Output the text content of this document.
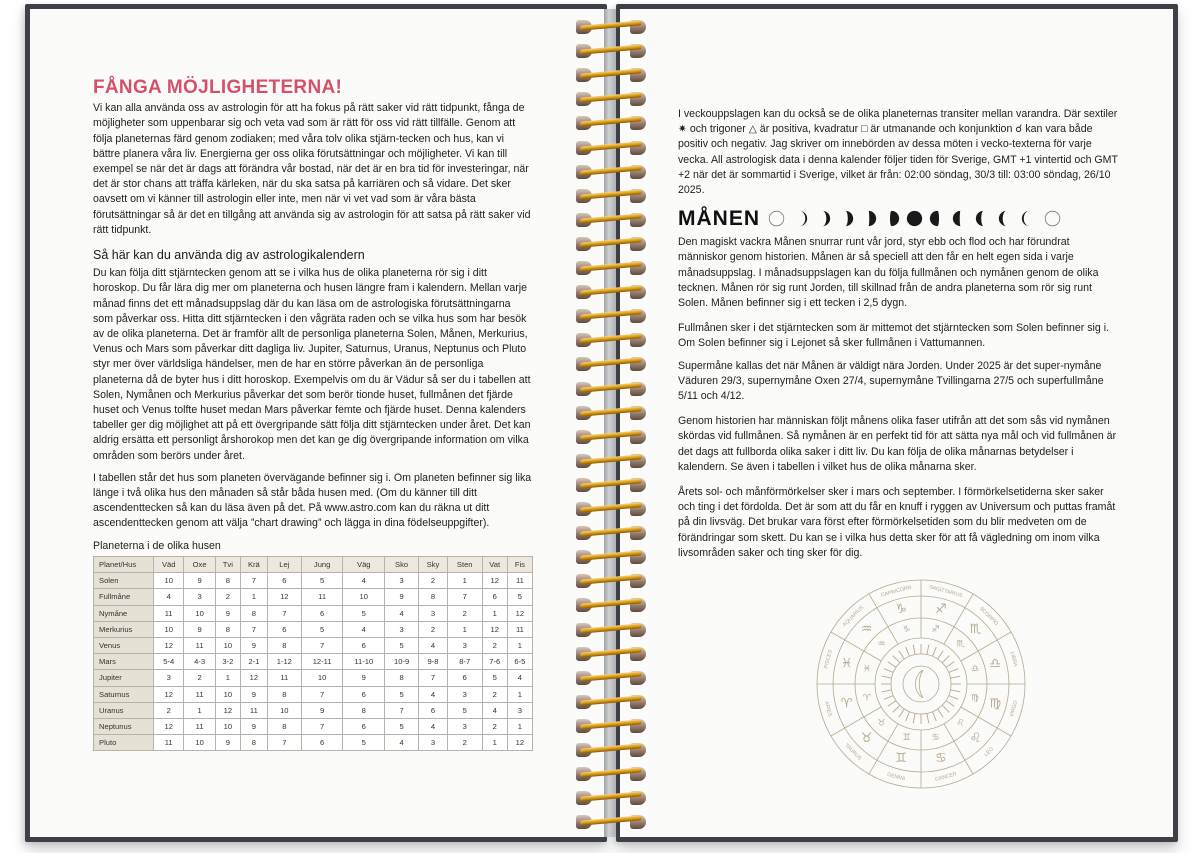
FÅNGA MÖJLIGHETERNA!

Vi kan alla använda oss av astrologin för att ha fokus på rätt saker vid rätt tidpunkt, fånga de möjligheter som uppenbarar sig och veta vad som är rätt för oss vid rätt tillfälle. Genom att följa planeternas färd genom zodiaken; med våra tolv olika stjärn-tecken och hus, kan vi bättre planera våra liv. Energierna ger oss olika förutsättningar och möjligheter. Vi kan till exempel se när det är dags att förändra vår bostad, när det är en bra tid för investeringar, när det är stor chans att träffa kärleken, när du ska satsa på karriären och så vidare. Det sker oavsett om vi känner till astrologin eller inte, men när vi vet vad som är våra bästa förutsättningar så är det en tillgång att använda sig av astrologin för att satsa på rätt saker vid rätt tidpunkt.

Så här kan du använda dig av astrologikalendern

Du kan följa ditt stjärntecken genom att se i vilka hus de olika planeterna rör sig i ditt horoskop. Du får lära dig mer om planeterna och husen längre fram i kalendern. Mellan varje månad finns det ett månadsuppslag där du kan läsa om de astrologiska förutsättningarna som påverkar oss. Hitta ditt stjärntecken i den vågräta raden och se vilka hus som har besök av de olika planeterna. Det är framför allt de personliga planeterna Solen, Månen, Merkurius, Venus och Mars som påverkar ditt dagliga liv. Jupiter, Saturnus, Uranus, Neptunus och Pluto styr mer över världsliga händelser, men de har en större påverkan än de personliga planeterna då de byter hus i ditt horoskop. Exempelvis om du är Vädur så ser du i tabellen att Solen, Nymånen och Merkurius påverkar det som berör tionde huset, fullmånen det fjärde huset och Venus tolfte huset medan Mars påverkar femte och fjärde huset. Denna kalenders tabeller ger dig möjlighet att på ett övergripande sätt följa ditt stjärntecken under året. Det kan aldrig ersätta ett personligt årshorokop men det kan ge dig övergripande information om vilka områden som berörs under året.

I tabellen står det hus som planeten övervägande befinner sig i. Om planeten befinner sig lika länge i två olika hus den månaden så står båda husen med. (Om du känner till ditt ascendenttecken så kan du läsa även på det. På www.astro.com kan du räkna ut ditt ascendenttecken genom att välja ”chart drawing” och lägga in dina födelseuppgifter).

Planeterna i de olika husen
Planet/Hus	Väd	Oxe	Tvi	Krä	Lej	Jung	Väg	Sko	Sky	Sten	Vat	Fis
Solen	10	9	8	7	6	5	4	3	2	1	12	11
Fullmåne	4	3	2	1	12	11	10	9	8	7	6	5
Nymåne	11	10	9	8	7	6	5	4	3	2	1	12
Merkurius	10	9	8	7	6	5	4	3	2	1	12	11
Venus	12	11	10	9	8	7	6	5	4	3	2	1
Mars	5-4	4-3	3-2	2-1	1-12	12-11	11-10	10-9	9-8	8-7	7-6	6-5
Jupiter	3	2	1	12	11	10	9	8	7	6	5	4
Saturnus	12	11	10	9	8	7	6	5	4	3	2	1
Uranus	2	1	12	11	10	9	8	7	6	5	4	3
Neptunus	12	11	10	9	8	7	6	5	4	3	2	1
Pluto	11	10	9	8	7	6	5	4	3	2	1	12

I veckouppslagen kan du också se de olika planeternas transiter mellan varandra. Där sextiler ✷ och trigoner △ är positiva, kvadratur □ är utmanande och konjunktion ☌ kan vara både positiv och negativ. Jag skriver om innebörden av dessa möten i vecko-texterna för varje vecka. All astrologisk data i denna kalender följer tiden för Sverige, GMT +1 vintertid och GMT +2 när det är sommartid i Sverige, vilket är från: 02:00 söndag, 30/3 till: 03:00 söndag, 26/10 2025.

MÅNEN

Den magiskt vackra Månen snurrar runt vår jord, styr ebb och flod och har förundrat människor genom historien. Månen är så speciell att den får en helt egen sida i varje månadsuppslag. I månadsuppslagen kan du följa fullmånen och nymånen genom de olika tecknen. Månen rör sig runt Jorden, till skillnad från de andra planeterna som rör sig runt Solen. Månen befinner sig i ett tecken i 2,5 dygn.

Fullmånen sker i det stjärntecken som är mittemot det stjärntecken som Solen befinner sig i. Om Solen befinner sig i Lejonet så sker fullmånen i Vattumannen.

Supermåne kallas det när Månen är väldigt nära Jorden. Under 2025 är det super-nymåne Väduren 29/3, supernymåne Oxen 27/4, supernymåne Tvillingarna 27/5 och superfullmåne 5/11 och 4/12.

Genom historien har människan följt månens olika faser utifrån att det som sås vid nymånen skördas vid fullmånen. Så nymånen är en perfekt tid för att sätta nya mål och vid fullmånen är det dags att fullborda olika saker i ditt liv. Du kan följa de olika månarnas betydelser i kalendern. Se även i tabellen i vilket hus de olika månarna sker.

Årets sol- och månförmörkelser sker i mars och september. I förmörkelsetiderna sker saker och ting i det fördolda. Det är som att du får en knuff i ryggen av Universum och puttas framåt på din livsväg. Det brukar vara först efter förmörkelsetiden som du blir medveten om de förändringar som skett. Du kan se i vilka hus detta sker för att få vägledning om inom vilka livsområden saker och ting sker för dig.

CAPRICORN
♑
♑
SAGITTARIUS
♐
♐
SCORPIO
♏
♏
LIBRA
♎
♎
VIRGO
♍
♍
LEO
♌
♌
CANCER
♋
♋
GEMINI
♊
♊
TAURUS
♉
♉
ARIES ♈ ♈
PISCES ♓ ♓
AQUARIUS
♒
♒
